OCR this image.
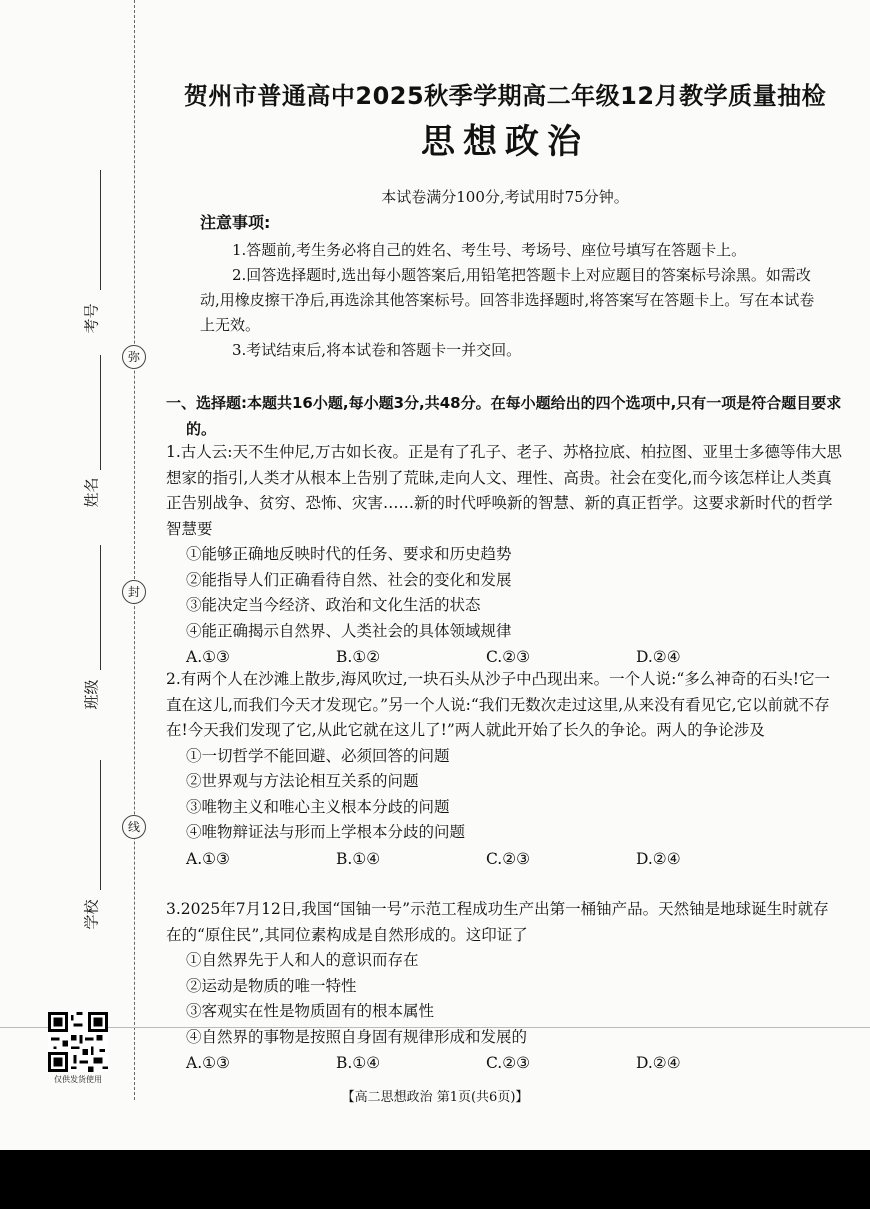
弥
封
线
考号
姓名
班级
学校
仅供发货使用
贺州市普通高中2025秋季学期高二年级12月教学质量抽检
思想政治
本试卷满分100分,考试用时75分钟。
注意事项:
1.答题前,考生务必将自己的姓名、考生号、考场号、座位号填写在答题卡上。
2.回答选择题时,选出每小题答案后,用铅笔把答题卡上对应题目的答案标号涂黑。如需改动,用橡皮擦干净后,再选涂其他答案标号。回答非选择题时,将答案写在答题卡上。写在本试卷上无效。
3.考试结束后,将本试卷和答题卡一并交回。
一、选择题:本题共16小题,每小题3分,共48分。在每小题给出的四个选项中,只有一项是符合题目要求的。
1.古人云:天不生仲尼,万古如长夜。正是有了孔子、老子、苏格拉底、柏拉图、亚里士多德等伟大思想家的指引,人类才从根本上告别了荒昧,走向人文、理性、高贵。社会在变化,而今该怎样让人类真正告别战争、贫穷、恐怖、灾害……新的时代呼唤新的智慧、新的真正哲学。这要求新时代的哲学智慧要
①能够正确地反映时代的任务、要求和历史趋势
②能指导人们正确看待自然、社会的变化和发展
③能决定当今经济、政治和文化生活的状态
④能正确揭示自然界、人类社会的具体领域规律
A.①③	B.①②	C.②③	D.②④
2.有两个人在沙滩上散步,海风吹过,一块石头从沙子中凸现出来。一个人说:“多么神奇的石头!它一直在这儿,而我们今天才发现它。”另一个人说:“我们无数次走过这里,从来没有看见它,它以前就不存在!今天我们发现了它,从此它就在这儿了!”两人就此开始了长久的争论。两人的争论涉及
①一切哲学不能回避、必须回答的问题
②世界观与方法论相互关系的问题
③唯物主义和唯心主义根本分歧的问题
④唯物辩证法与形而上学根本分歧的问题
A.①③	B.①④	C.②③	D.②④
3.2025年7月12日,我国“国铀一号”示范工程成功生产出第一桶铀产品。天然铀是地球诞生时就存在的“原住民”,其同位素构成是自然形成的。这印证了
①自然界先于人和人的意识而存在
②运动是物质的唯一特性
③客观实在性是物质固有的根本属性
④自然界的事物是按照自身固有规律形成和发展的
A.①③	B.①④	C.②③	D.②④
【高二思想政治 第1页(共6页)】
